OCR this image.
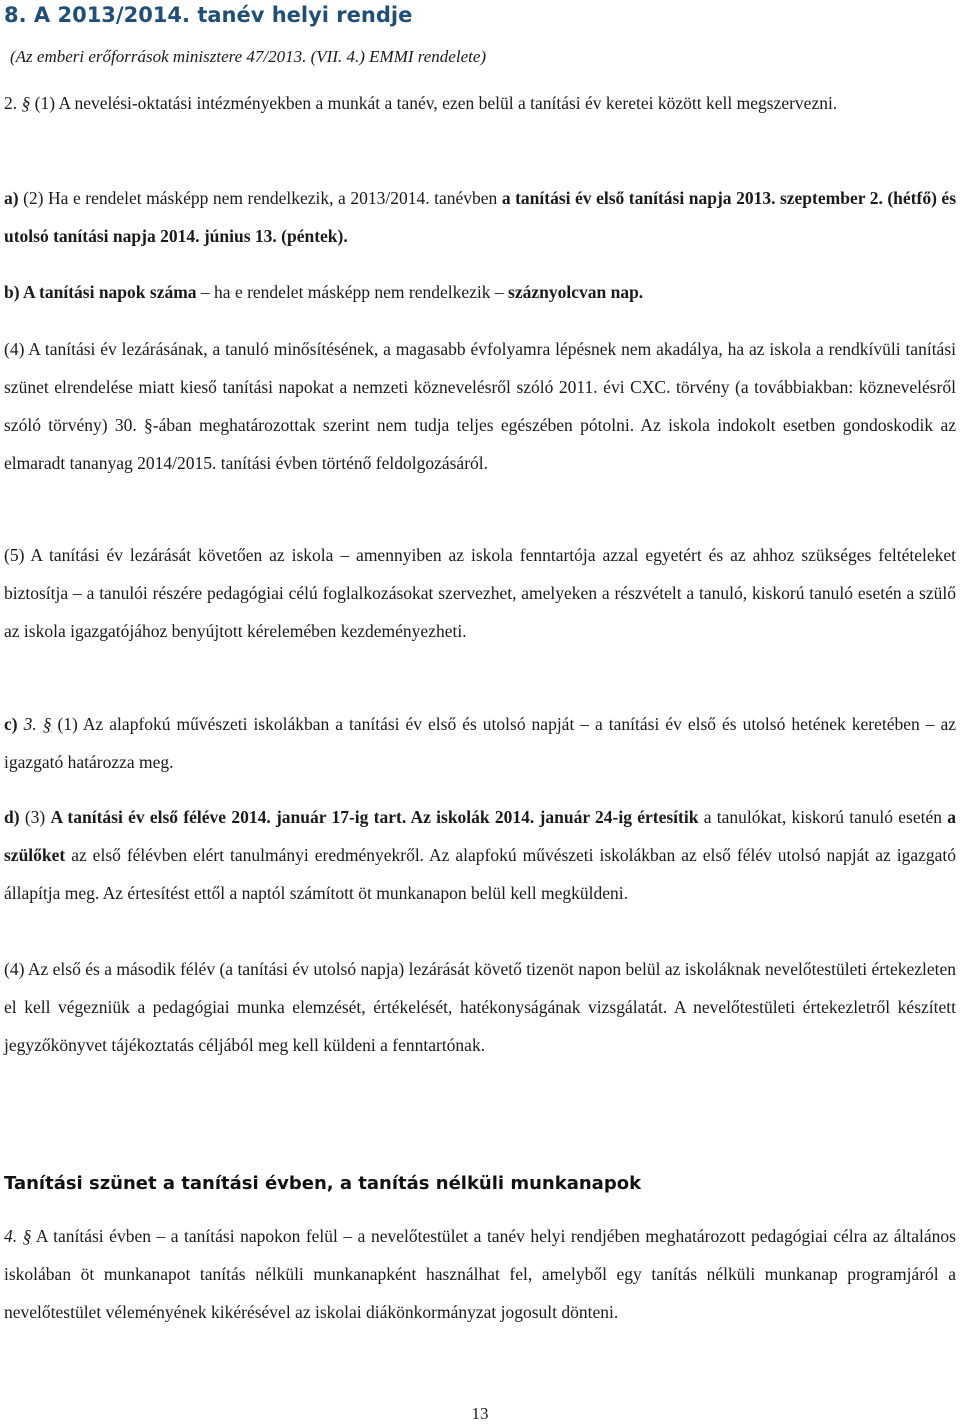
8. A 2013/2014. tanév helyi rendje
(Az emberi erőforrások minisztere 47/2013. (VII. 4.) EMMI rendelete)
2. § (1) A nevelési-oktatási intézményekben a munkát a tanév, ezen belül a tanítási év keretei között kell megszervezni.
a) (2) Ha e rendelet másképp nem rendelkezik, a 2013/2014. tanévben a tanítási év első tanítási napja 2013. szeptember 2. (hétfő) és utolsó tanítási napja 2014. június 13. (péntek).
b) A tanítási napok száma – ha e rendelet másképp nem rendelkezik – száznyolcvan nap.
(4) A tanítási év lezárásának, a tanuló minősítésének, a magasabb évfolyamra lépésnek nem akadálya, ha az iskola a rendkívüli tanítási szünet elrendelése miatt kieső tanítási napokat a nemzeti köznevelésről szóló 2011. évi CXC. törvény (a továbbiakban: köznevelésről szóló törvény) 30. §-ában meghatározottak szerint nem tudja teljes egészében pótolni. Az iskola indokolt esetben gondoskodik az elmaradt tananyag 2014/2015. tanítási évben történő feldolgozásáról.
(5) A tanítási év lezárását követően az iskola – amennyiben az iskola fenntartója azzal egyetért és az ahhoz szükséges feltételeket biztosítja – a tanulói részére pedagógiai célú foglalkozásokat szervezhet, amelyeken a részvételt a tanuló, kiskorú tanuló esetén a szülő az iskola igazgatójához benyújtott kérelemében kezdeményezheti.
c) 3. § (1) Az alapfokú művészeti iskolákban a tanítási év első és utolsó napját – a tanítási év első és utolsó hetének keretében – az igazgató határozza meg.
d) (3) A tanítási év első féléve 2014. január 17-ig tart. Az iskolák 2014. január 24-ig értesítik a tanulókat, kiskorú tanuló esetén a szülőket az első félévben elért tanulmányi eredményekről. Az alapfokú művészeti iskolákban az első félév utolsó napját az igazgató állapítja meg. Az értesítést ettől a naptól számított öt munkanapon belül kell megküldeni.
(4) Az első és a második félév (a tanítási év utolsó napja) lezárását követő tizenöt napon belül az iskoláknak nevelőtestületi értekezleten el kell végezniük a pedagógiai munka elemzését, értékelését, hatékonyságának vizsgálatát. A nevelőtestületi értekezletről készített jegyzőkönyvet tájékoztatás céljából meg kell küldeni a fenntartónak.
Tanítási szünet a tanítási évben, a tanítás nélküli munkanapok
4. § A tanítási évben – a tanítási napokon felül – a nevelőtestület a tanév helyi rendjében meghatározott pedagógiai célra az általános iskolában öt munkanapot tanítás nélküli munkanapként használhat fel, amelyből egy tanítás nélküli munkanap programjáról a nevelőtestület véleményének kikérésével az iskolai diákönkormányzat jogosult dönteni.
13
